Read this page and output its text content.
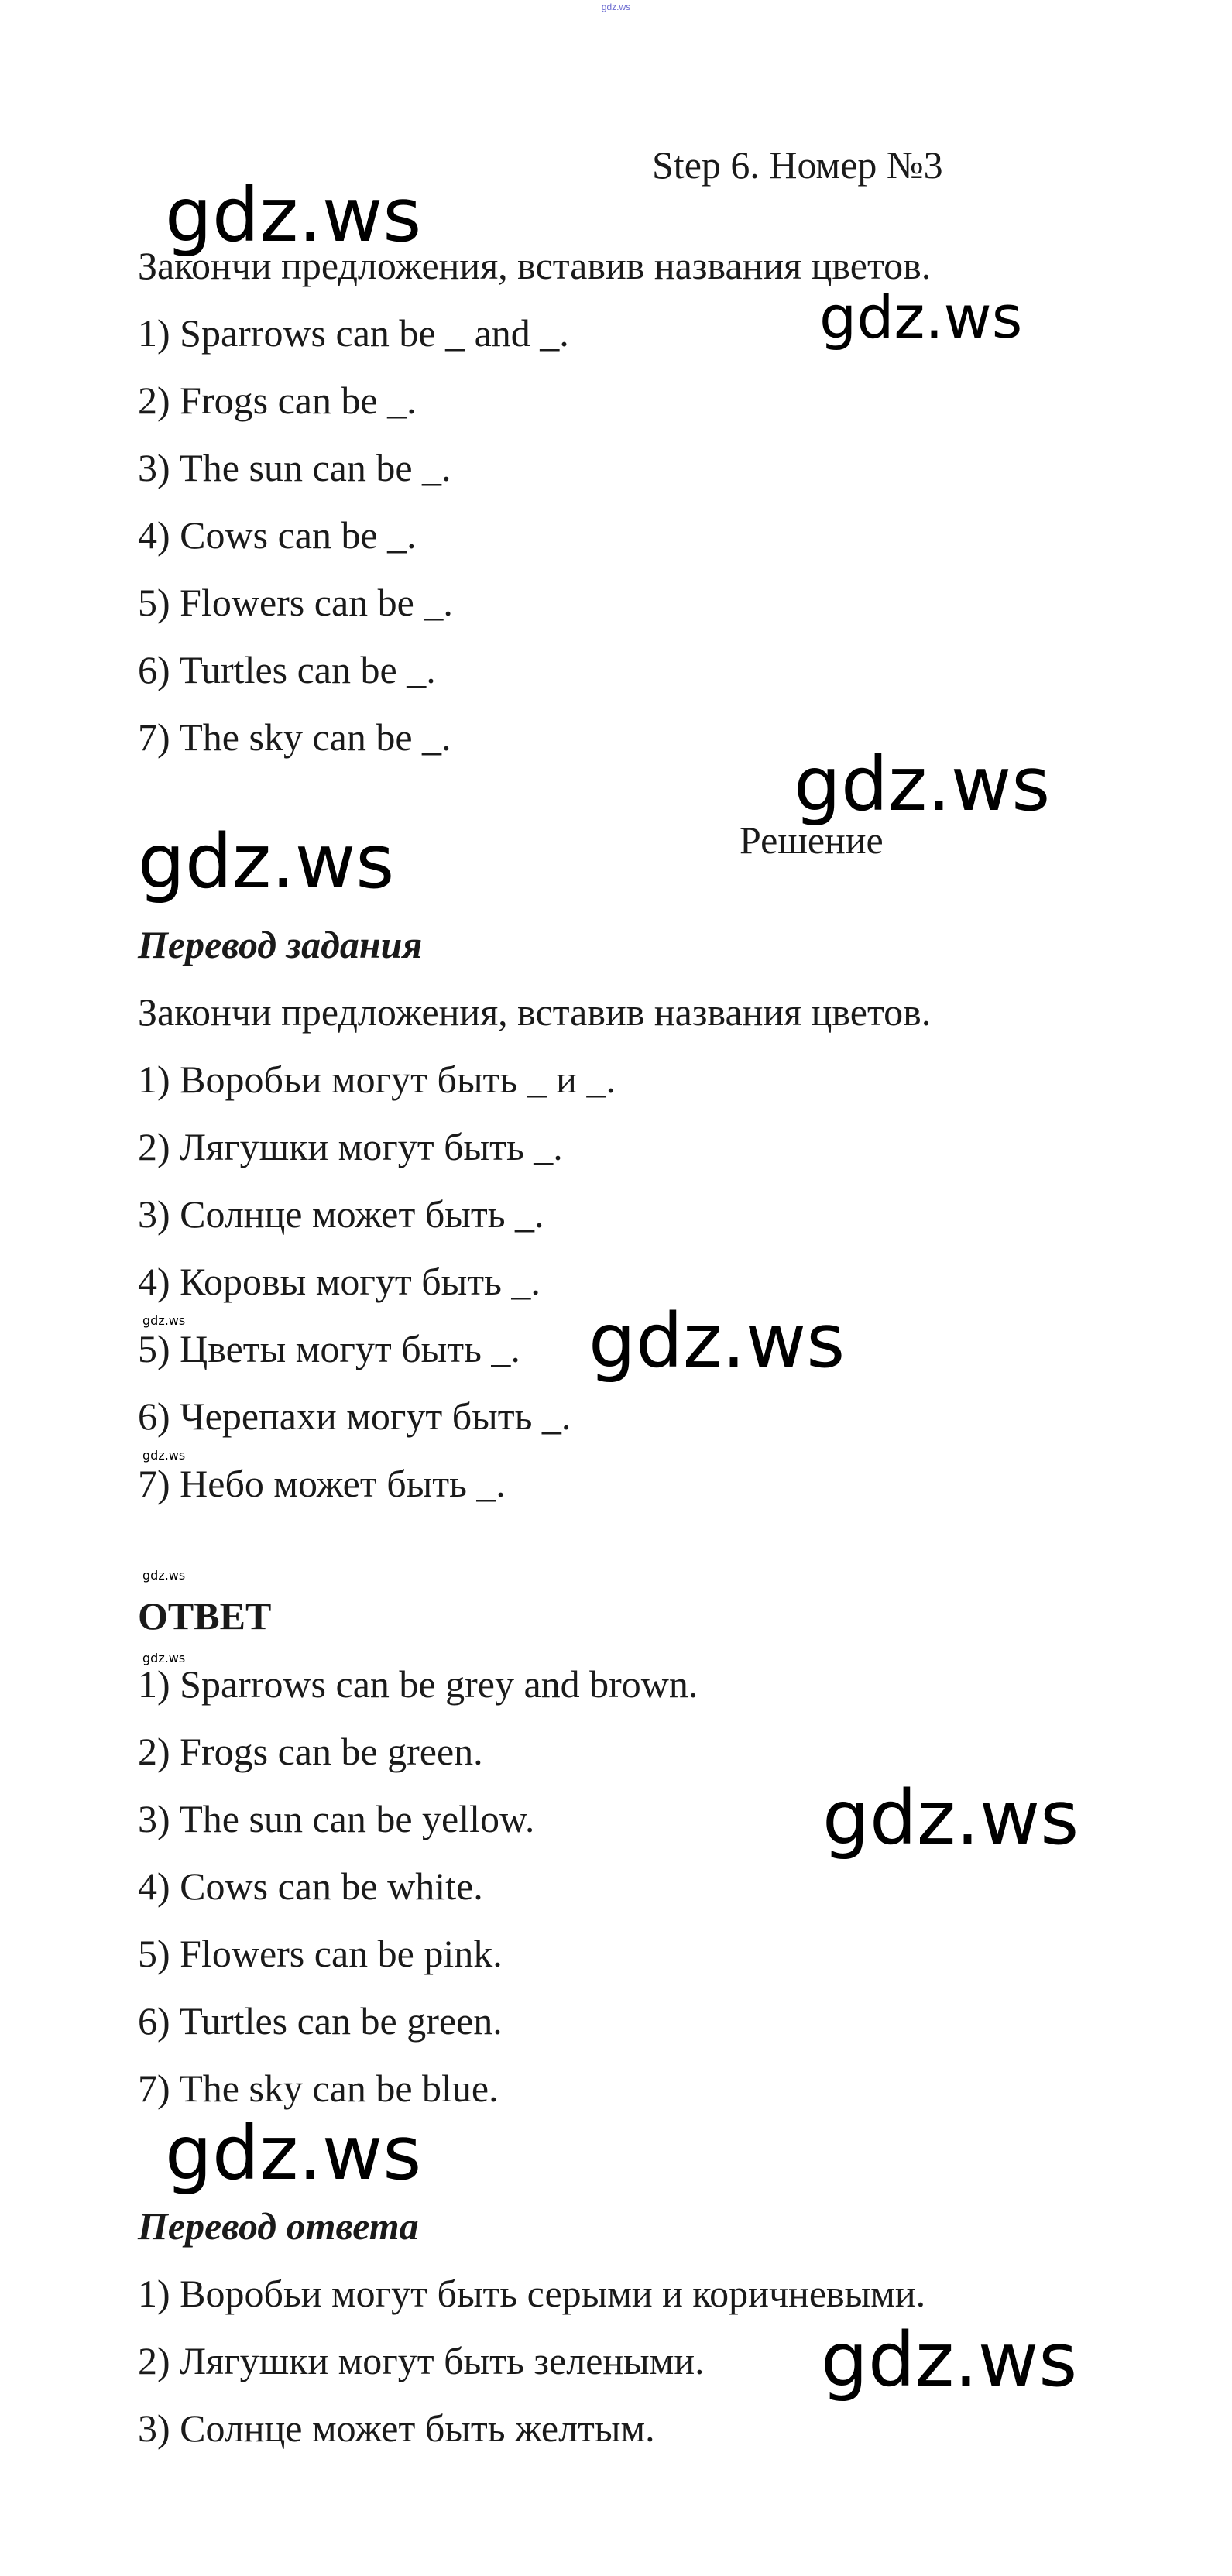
gdz.ws
Step 6. Номер №3
Закончи предложения, вставив названия цветов.
1) Sparrows can be _ and _.
2) Frogs can be _.
3) The sun can be _.
4) Cows can be _.
5) Flowers can be _.
6) Turtles can be _.
7) The sky can be _.
Решение
Перевод задания
Закончи предложения, вставив названия цветов.
1) Воробьи могут быть _ и _.
2) Лягушки могут быть _.
3) Солнце может быть _.
4) Коровы могут быть _.
5) Цветы могут быть _.
6) Черепахи могут быть _.
7) Небо может быть _.
ОТВЕТ
1) Sparrows can be grey and brown.
2) Frogs can be green.
3) The sun can be yellow.
4) Cows can be white.
5) Flowers can be pink.
6) Turtles can be green.
7) The sky can be blue.
Перевод ответа
1) Воробьи могут быть серыми и коричневыми.
2) Лягушки могут быть зелеными.
3) Солнце может быть желтым.
gdz.ws
gdz.ws
gdz.ws
gdz.ws
gdz.ws
gdz.ws
gdz.ws
gdz.ws
gdz.ws
gdz.ws
gdz.ws
gdz.ws
